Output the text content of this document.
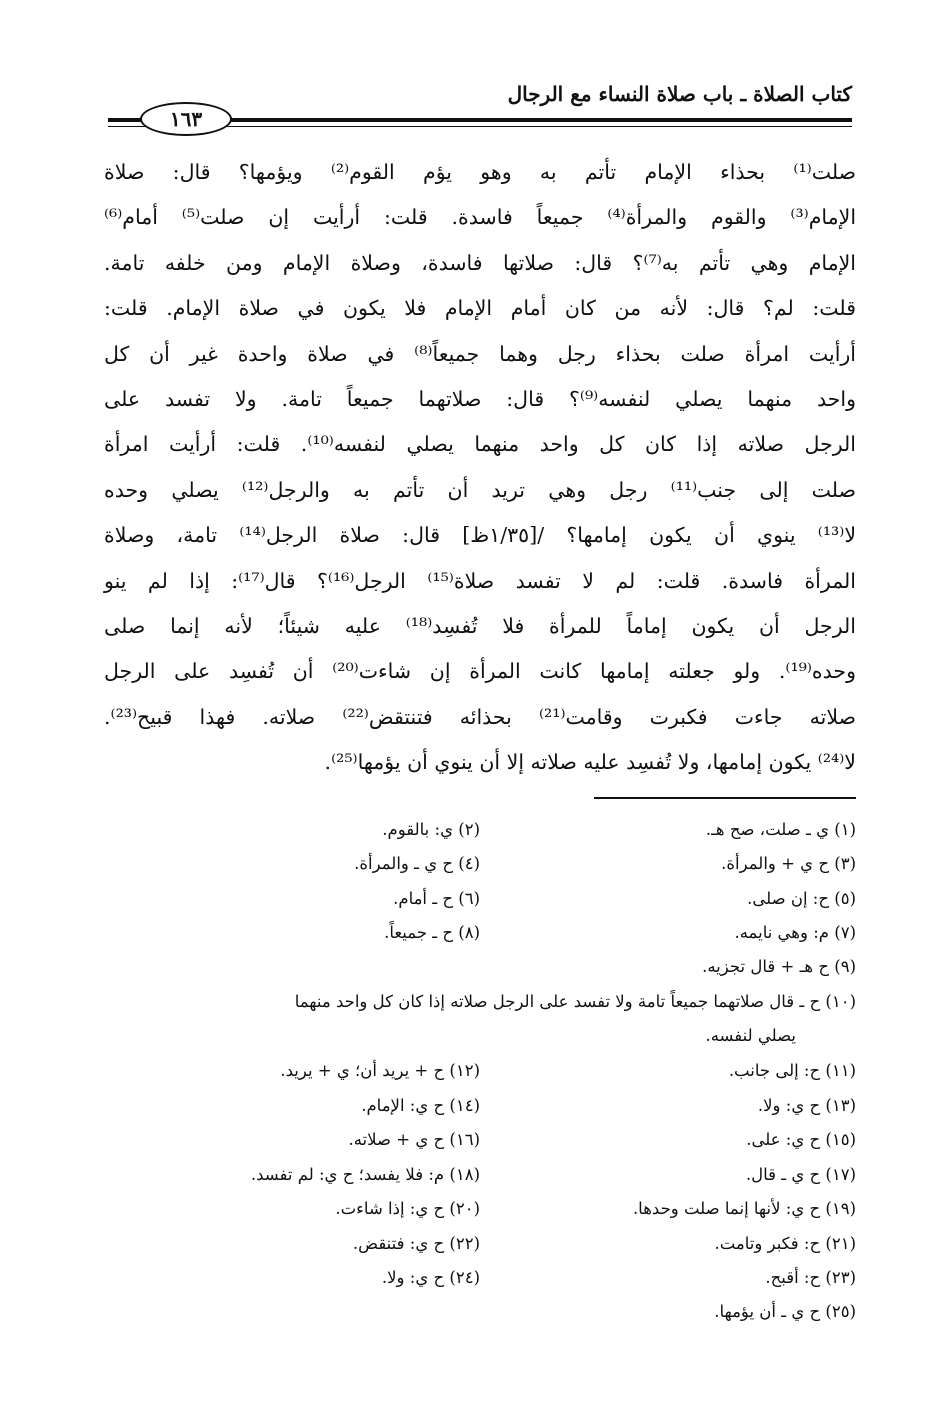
كتاب الصلاة ـ باب صلاة النساء مع الرجال
١٦٣
صلت⁽¹⁾ بحذاء الإمام تأتم به وهو يؤم القوم⁽²⁾ ويؤمها؟ قال: صلاة
الإمام⁽³⁾ والقوم والمرأة⁽⁴⁾ جميعاً فاسدة. قلت: أرأيت إن صلت⁽⁵⁾ أمام⁽⁶⁾
الإمام وهي تأتم به⁽⁷⁾؟ قال: صلاتها فاسدة، وصلاة الإمام ومن خلفه تامة.
قلت: لم؟ قال: لأنه من كان أمام الإمام فلا يكون في صلاة الإمام. قلت:
أرأيت امرأة صلت بحذاء رجل وهما جميعاً⁽⁸⁾ في صلاة واحدة غير أن كل
واحد منهما يصلي لنفسه⁽⁹⁾؟ قال: صلاتهما جميعاً تامة. ولا تفسد على
الرجل صلاته إذا كان كل واحد منهما يصلي لنفسه⁽¹⁰⁾. قلت: أرأيت امرأة
صلت إلى جنب⁽¹¹⁾ رجل وهي تريد أن تأتم به والرجل⁽¹²⁾ يصلي وحده
لا⁽¹³⁾ ينوي أن يكون إمامها؟ /[١/٣٥ظ] قال: صلاة الرجل⁽¹⁴⁾ تامة، وصلاة
المرأة فاسدة. قلت: لم لا تفسد صلاة⁽¹⁵⁾ الرجل⁽¹⁶⁾؟ قال⁽¹⁷⁾: إذا لم ينو
الرجل أن يكون إماماً للمرأة فلا تُفسِد⁽¹⁸⁾ عليه شيئاً؛ لأنه إنما صلى
وحده⁽¹⁹⁾. ولو جعلته إمامها كانت المرأة إن شاءت⁽²⁰⁾ أن تُفسِد على الرجل
صلاته جاءت فكبرت وقامت⁽²¹⁾ بحذائه فتنتقض⁽²²⁾ صلاته. فهذا قبيح⁽²³⁾.
لا⁽²⁴⁾ يكون إمامها، ولا تُفسِد عليه صلاته إلا أن ينوي أن يؤمها⁽²⁵⁾.
(١) ي ـ صلت، صح هـ.
(٢) ي: بالقوم.
(٣) ح ي + والمرأة.
(٤) ح ي ـ والمرأة.
(٥) ح: إن صلى.
(٦) ح ـ أمام.
(٧) م: وهي نايمه.
(٨) ح ـ جميعاً.
(٩) ح هـ + قال تجزيه.
(١٠) ح ـ قال صلاتهما جميعاً تامة ولا تفسد على الرجل صلاته إذا كان كل واحد منهما
يصلي لنفسه.
(١١) ح: إلى جانب.
(١٢) ح + يريد أن؛ ي + يريد.
(١٣) ح ي: ولا.
(١٤) ح ي: الإمام.
(١٥) ح ي: على.
(١٦) ح ي + صلاته.
(١٧) ح ي ـ قال.
(١٨) م: فلا يفسد؛ ح ي: لم تفسد.
(١٩) ح ي: لأنها إنما صلت وحدها.
(٢٠) ح ي: إذا شاءت.
(٢١) ح: فكبر وتامت.
(٢٢) ح ي: فتنقض.
(٢٣) ح: أقبح.
(٢٤) ح ي: ولا.
(٢٥) ح ي ـ أن يؤمها.
